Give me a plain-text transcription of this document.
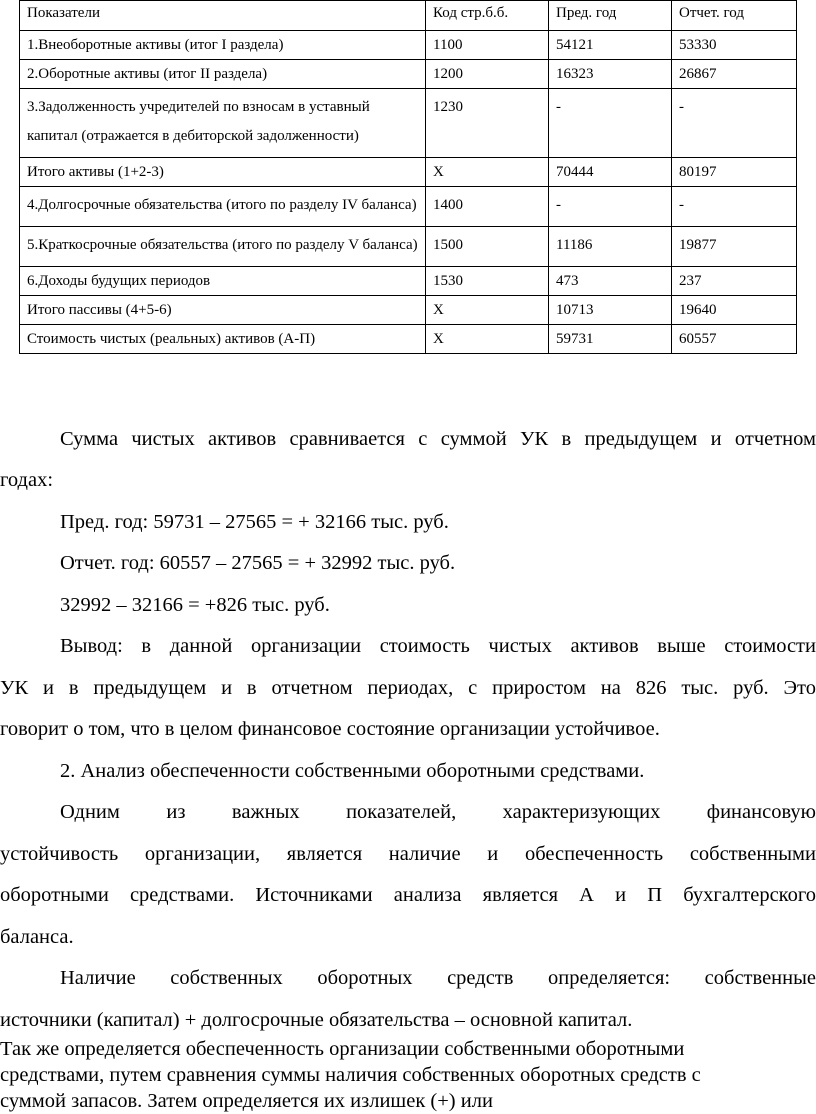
Показатели	Код стр.б.б.	Пред. год	Отчет. год
1.Внеоборотные активы (итог I раздела)	1100	54121	53330
2.Оборотные активы (итог II раздела)	1200	16323	26867
3.Задолженность учредителей по взносам в уставный капитал (отражается в дебиторской задолженности)	1230	-	-
Итого активы (1+2-3)	Х	70444	80197
4.Долгосрочные обязательства (итого по разделу IV баланса)	1400	-	-
5.Краткосрочные обязательства (итого по разделу V баланса)	1500	11186	19877
6.Доходы будущих периодов	1530	473	237
Итого пассивы (4+5-6)	Х	10713	19640
Стоимость чистых (реальных) активов (А-П)	Х	59731	60557
Сумма чистых активов сравнивается с суммой УК в предыдущем и отчетном
годах:
Пред. год: 59731 – 27565 = + 32166 тыс. руб.
Отчет. год: 60557 – 27565 = + 32992 тыс. руб.
32992 – 32166 = +826 тыс. руб.
Вывод: в данной организации стоимость чистых активов выше стоимости
УК и в предыдущем и в отчетном периодах, с приростом на 826 тыс. руб. Это
говорит о том, что в целом финансовое состояние организации устойчивое.
2. Анализ обеспеченности собственными оборотными средствами.
Одним из важных показателей, характеризующих финансовую
устойчивость организации, является наличие и обеспеченность собственными
оборотными средствами. Источниками анализа является А и П бухгалтерского
баланса.
Наличие собственных оборотных средств определяется: собственные
источники (капитал) + долгосрочные обязательства – основной капитал.
Так же определяется обеспеченность организации собственными оборотными
средствами, путем сравнения суммы наличия собственных оборотных средств с
суммой запасов. Затем определяется их излишек (+) или
